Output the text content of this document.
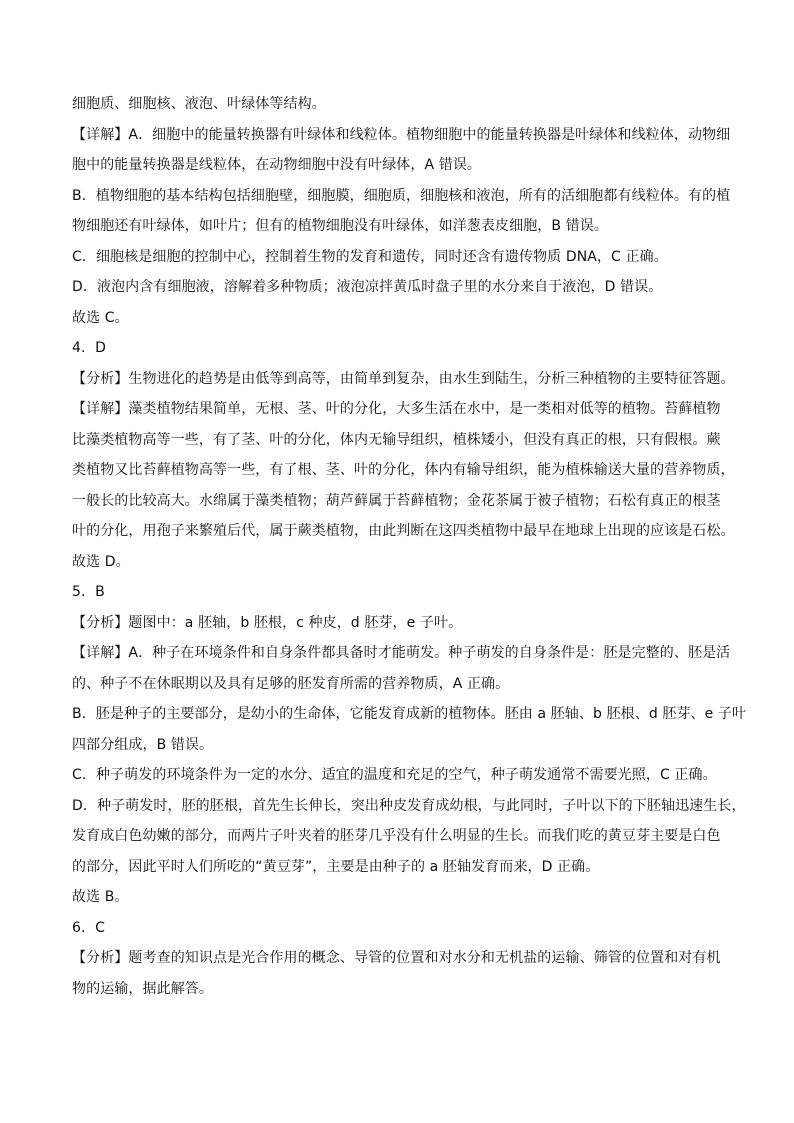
细胞质、细胞核、液泡、叶绿体等结构。
【详解】A．细胞中的能量转换器有叶绿体和线粒体。植物细胞中的能量转换器是叶绿体和线粒体，动物细
胞中的能量转换器是线粒体，在动物细胞中没有叶绿体，A 错误。
B．植物细胞的基本结构包括细胞壁，细胞膜，细胞质，细胞核和液泡，所有的活细胞都有线粒体。有的植
物细胞还有叶绿体，如叶片；但有的植物细胞没有叶绿体，如洋葱表皮细胞，B 错误。
C．细胞核是细胞的控制中心，控制着生物的发育和遗传，同时还含有遗传物质 DNA，C 正确。
D．液泡内含有细胞液，溶解着多种物质；液泡凉拌黄瓜时盘子里的水分来自于液泡，D 错误。
故选 C。
4．D
【分析】生物进化的趋势是由低等到高等，由简单到复杂，由水生到陆生，分析三种植物的主要特征答题。
【详解】藻类植物结果简单，无根、茎、叶的分化，大多生活在水中，是一类相对低等的植物。苔藓植物
比藻类植物高等一些，有了茎、叶的分化，体内无输导组织，植株矮小，但没有真正的根，只有假根。蕨
类植物又比苔藓植物高等一些，有了根、茎、叶的分化，体内有输导组织，能为植株输送大量的营养物质，
一般长的比较高大。水绵属于藻类植物；葫芦藓属于苔藓植物；金花茶属于被子植物；石松有真正的根茎
叶的分化，用孢子来繁殖后代，属于蕨类植物，由此判断在这四类植物中最早在地球上出现的应该是石松。
故选 D。
5．B
【分析】题图中：a 胚轴，b 胚根，c 种皮，d 胚芽，e 子叶。
【详解】A．种子在环境条件和自身条件都具备时才能萌发。种子萌发的自身条件是：胚是完整的、胚是活
的、种子不在休眠期以及具有足够的胚发育所需的营养物质，A 正确。
B．胚是种子的主要部分，是幼小的生命体，它能发育成新的植物体。胚由 a 胚轴、b 胚根、d 胚芽、e 子叶
四部分组成，B 错误。
C．种子萌发的环境条件为一定的水分、适宜的温度和充足的空气，种子萌发通常不需要光照，C 正确。
D．种子萌发时，胚的胚根，首先生长伸长，突出种皮发育成幼根，与此同时，子叶以下的下胚轴迅速生长，
发育成白色幼嫩的部分，而两片子叶夹着的胚芽几乎没有什么明显的生长。而我们吃的黄豆芽主要是白色
的部分，因此平时人们所吃的“黄豆芽”，主要是由种子的 a 胚轴发育而来，D 正确。
故选 B。
6．C
【分析】题考查的知识点是光合作用的概念、导管的位置和对水分和无机盐的运输、筛管的位置和对有机
物的运输，据此解答。
